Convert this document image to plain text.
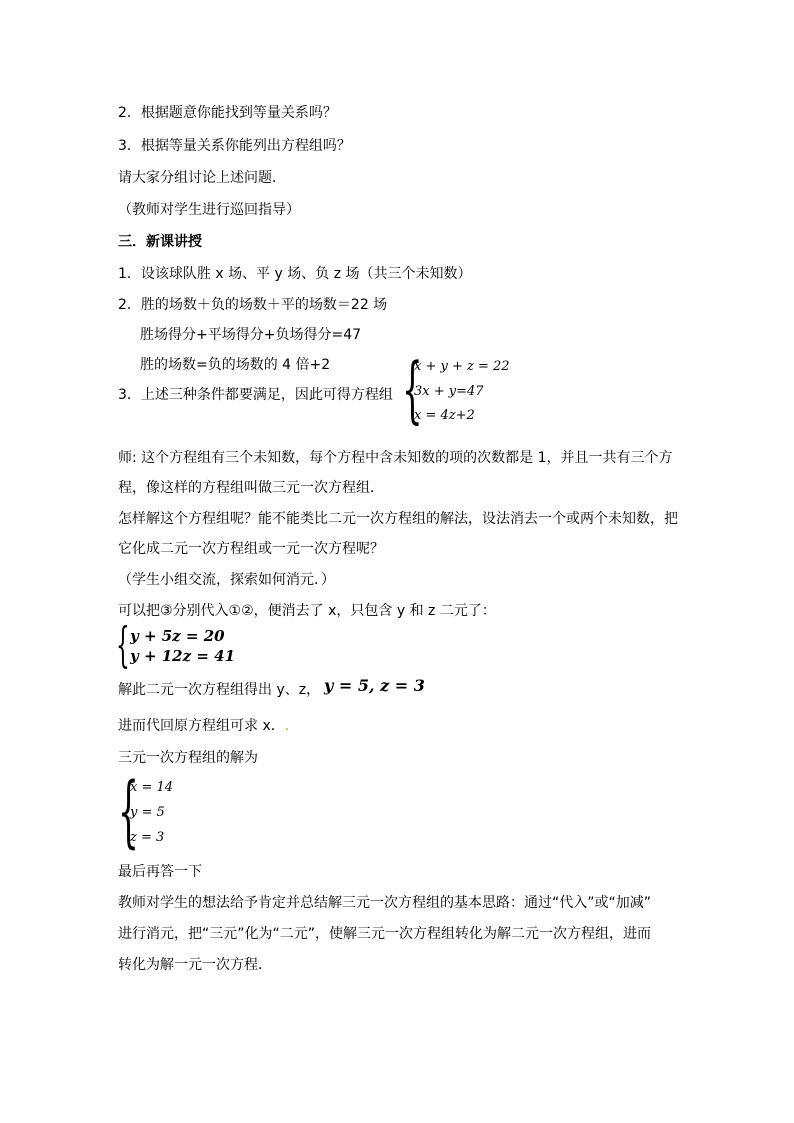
2．根据题意你能找到等量关系吗？
3．根据等量关系你能列出方程组吗？
请大家分组讨论上述问题．
（教师对学生进行巡回指导）
三．新课讲授
1．设该球队胜 x 场、平 y 场、负 z 场（共三个未知数）
2．胜的场数＋负的场数＋平的场数＝22 场
胜场得分+平场得分+负场得分=47
胜的场数=负的场数的 4 倍+2
3．上述三种条件都要满足，因此可得方程组 {
x + y + z = 22
3x + y=47
x = 4z+2
师: 这个方程组有三个未知数，每个方程中含未知数的项的次数都是 1，并且一共有三个方
程，像这样的方程组叫做三元一次方程组．
怎样解这个方程组呢？能不能类比二元一次方程组的解法，设法消去一个或两个未知数，把
它化成二元一次方程组或一元一次方程呢？
（学生小组交流，探索如何消元．）
可以把③分别代入①②，便消去了 x，只包含 y 和 z 二元了：
{ y + 5z = 20
y + 12z = 41
解此二元一次方程组得出 y、z， y = 5, z = 3
进而代回原方程组可求 x．.
三元一次方程组的解为
{
x = 14
y = 5
z = 3
最后再答一下
教师对学生的想法给予肯定并总结解三元一次方程组的基本思路：通过“代入”或“加减”
进行消元，把“三元”化为“二元”，使解三元一次方程组转化为解二元一次方程组，进而
转化为解一元一次方程．
